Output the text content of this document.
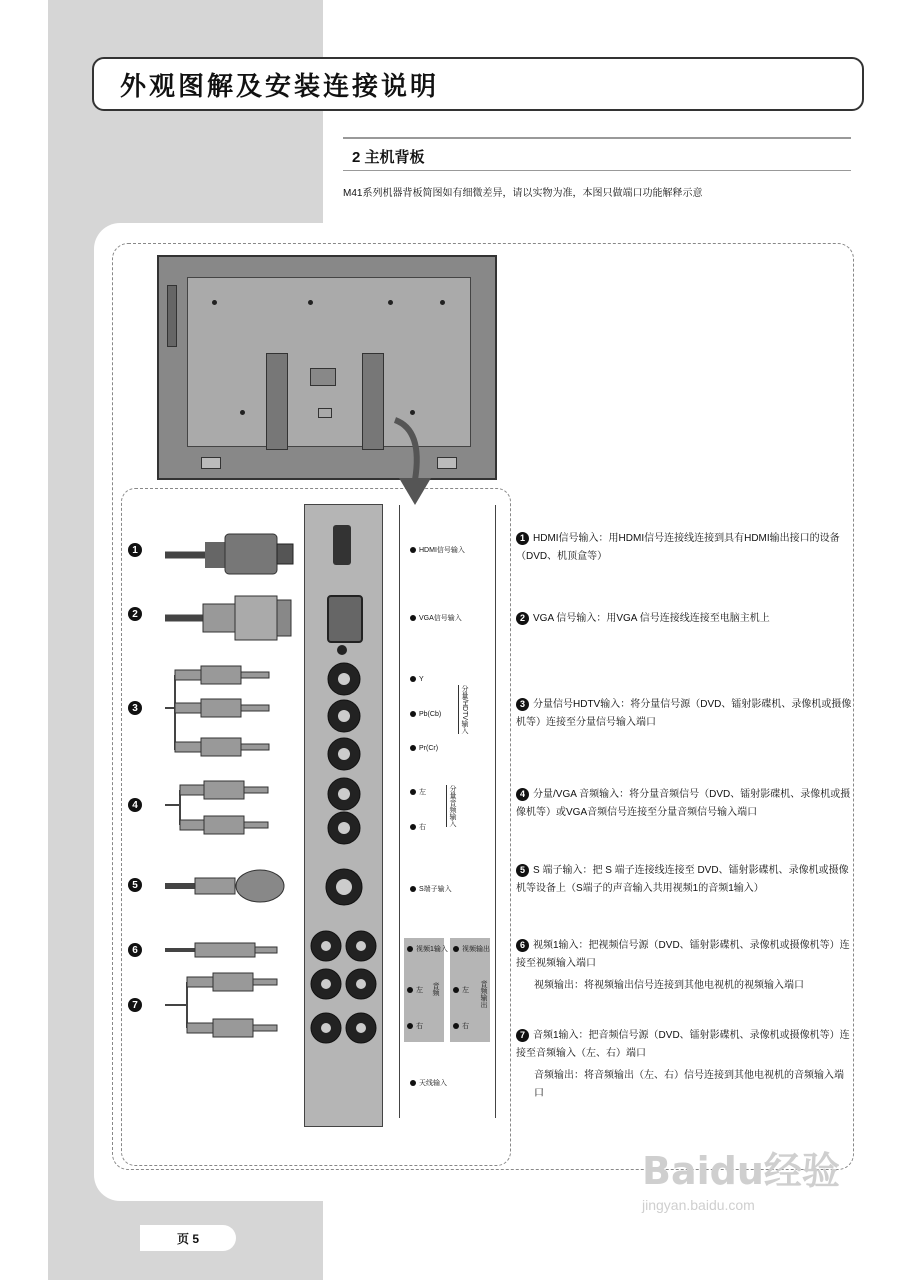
外观图解及安装连接说明
2 主机背板
M41系列机器背板简图如有细微差异，请以实物为准，本图只做端口功能解释示意
1
2
3
4
5
6
7
HDMI信号输入
VGA信号输入
Y
Pb(Cb)
Pr(Cr)
分量/HDTV输入
左
右
分量音频输入
S端子输入
视频1输入	视频输出
左
右
左
右
音频	音频输出
天线输入

1 HDMI信号输入：用HDMI信号连接线连接到具有HDMI输出接口的设备（DVD、机顶盒等）

2 VGA 信号输入：用VGA 信号连接线连接至电脑主机上

3 分量信号HDTV输入：将分量信号源（DVD、镭射影碟机、录像机或摄像机等）连接至分量信号输入端口

4 分量/VGA 音频输入：将分量音频信号（DVD、镭射影碟机、录像机或摄像机等）或VGA音频信号连接至分量音频信号输入端口

5 S 端子输入：把 S 端子连接线连接至 DVD、镭射影碟机、录像机或摄像机等设备上（S端子的声音输入共用视频1的音频1输入）

6 视频1输入：把视频信号源（DVD、镭射影碟机、录像机或摄像机等）连接至视频输入端口

视频输出：将视频输出信号连接到其他电视机的视频输入端口

7 音频1输入：把音频信号源（DVD、镭射影碟机、录像机或摄像机等）连接至音频输入（左、右）端口

音频输出：将音频输出（左、右）信号连接到其他电视机的音频输入端口

页 5
Baidu经验
jingyan.baidu.com
